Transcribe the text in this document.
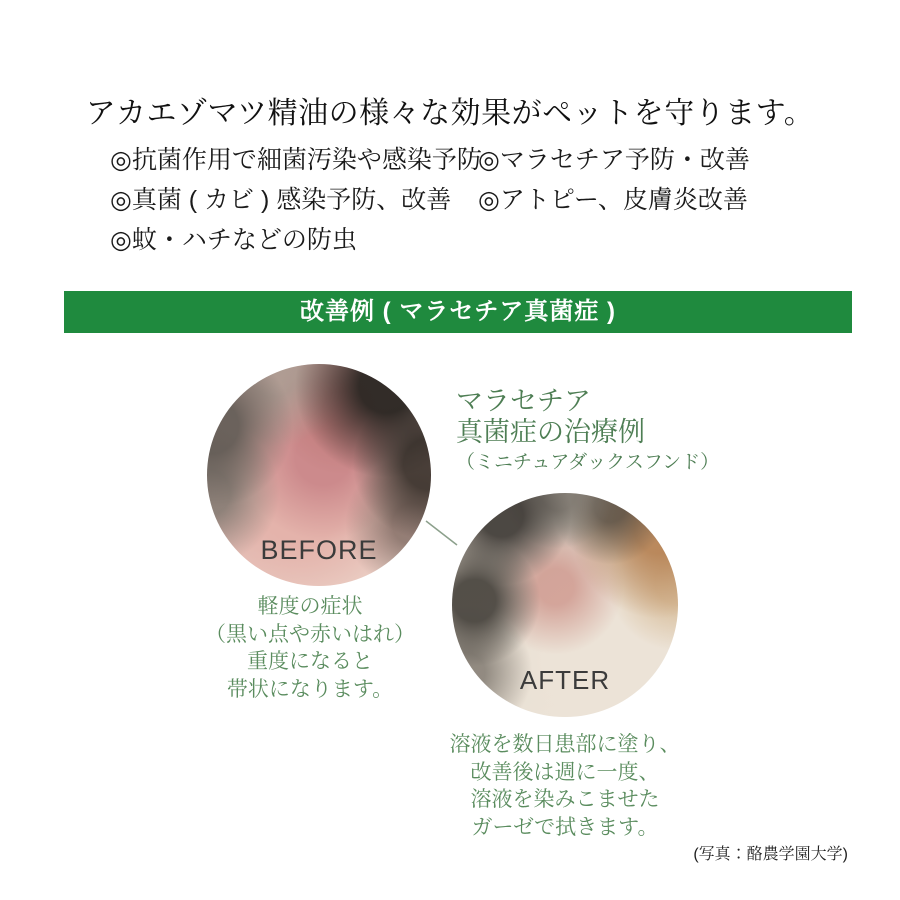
アカエゾマツ精油の様々な効果がペットを守ります。
◎抗菌作用で細菌汚染や感染予防
◎真菌 ( カビ ) 感染予防、改善
◎蚊・ハチなどの防虫
◎マラセチア予防・改善
◎アトピー、皮膚炎改善
改善例 ( マラセチア真菌症 )
BEFORE
マラセチア
真菌症の治療例
（ミニチュアダックスフンド）
軽度の症状
（黒い点や赤いはれ）
重度になると
帯状になります。	AFTER
溶液を数日患部に塗り、
改善後は週に一度、
溶液を染みこませた
ガーゼで拭きます。
(写真：酪農学園大学)
